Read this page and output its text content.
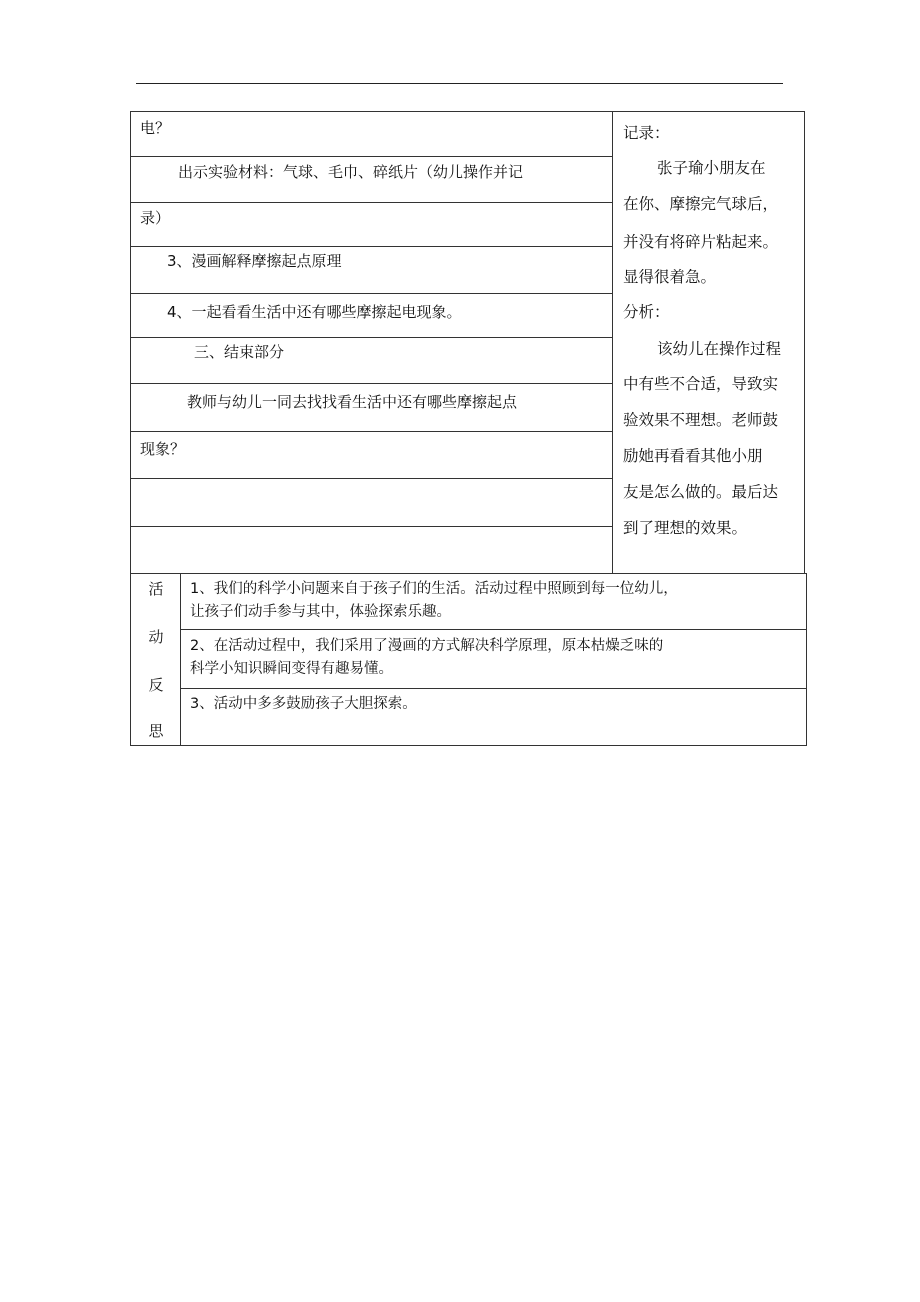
电？
出示实验材料：气球、毛巾、碎纸片（幼儿操作并记
录）
3、漫画解释摩擦起点原理
4、一起看看生活中还有哪些摩擦起电现象。
三、结束部分
教师与幼儿一同去找找看生活中还有哪些摩擦起点
现象？
记录：
张子瑜小朋友在
在你、摩擦完气球后，
并没有将碎片粘起来。
显得很着急。
分析：
该幼儿在操作过程
中有些不合适，导致实
验效果不理想。老师鼓
励她再看看其他小朋
友是怎么做的。最后达
到了理想的效果。
活
动
反
思
1、我们的科学小问题来自于孩子们的生活。活动过程中照顾到每一位幼儿，
让孩子们动手参与其中，体验探索乐趣。
2、在活动过程中，我们采用了漫画的方式解决科学原理，原本枯燥乏味的
科学小知识瞬间变得有趣易懂。
3、活动中多多鼓励孩子大胆探索。
